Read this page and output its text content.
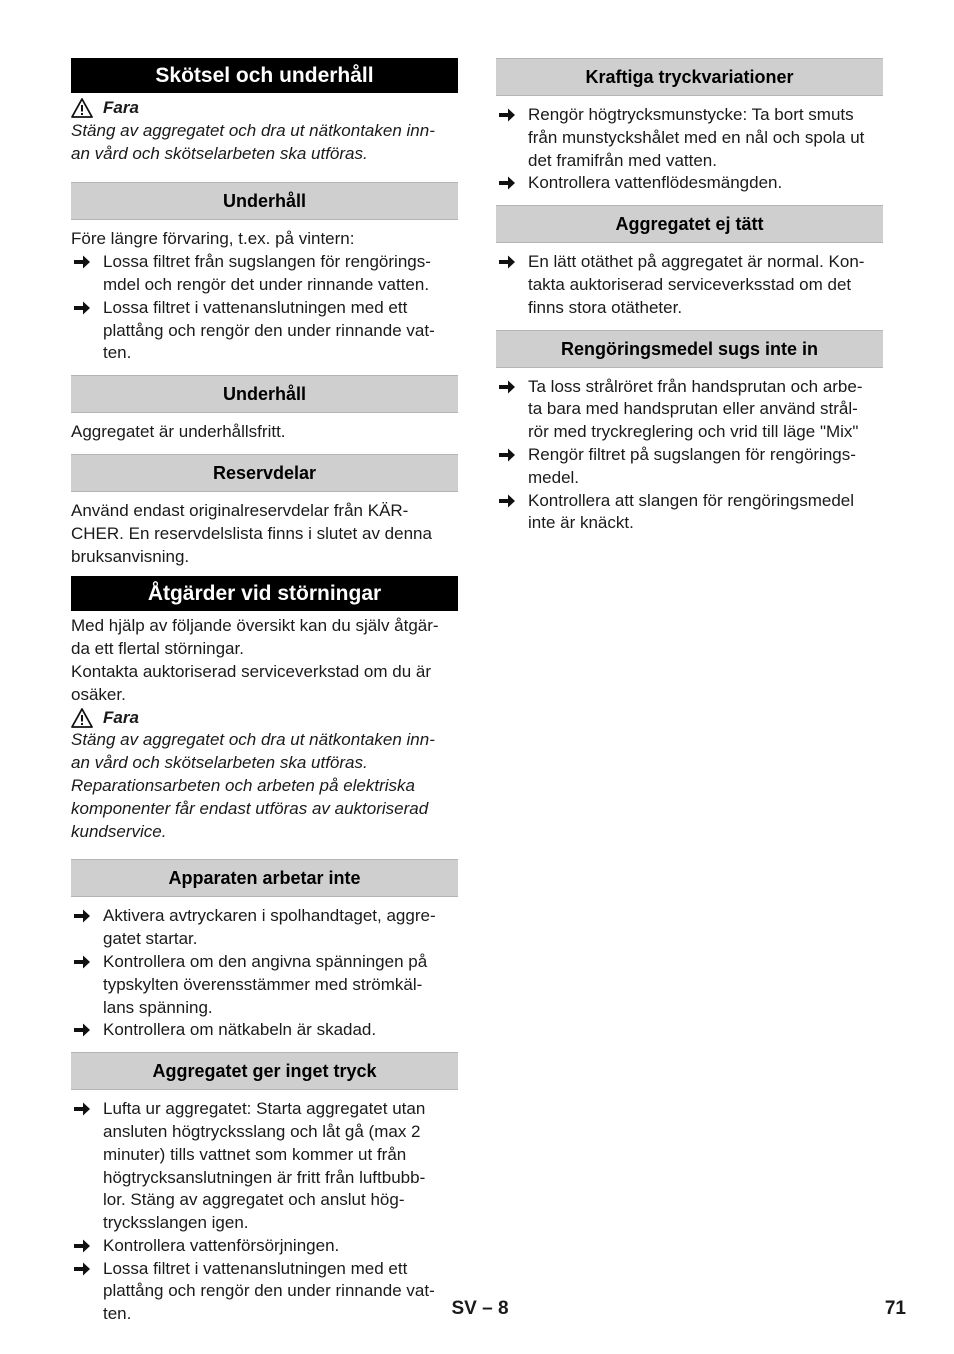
Skötsel och underhåll
Fara

Stäng av aggregatet och dra ut nätkontaken inn-

an vård och skötselarbeten ska utföras.

Underhåll

Före längre förvaring, t.ex. på vintern:

Lossa filtret från sugslangen för rengörings-
mdel och rengör det under rinnande vatten.
Lossa filtret i vattenanslutningen med ett
plattång och rengör den under rinnande vat-
ten.
Underhåll

Aggregatet är underhållsfritt.

Reservdelar

Använd endast originalreservdelar från KÄR-

CHER. En reservdelslista finns i slutet av denna

bruksanvisning.

Åtgärder vid störningar

Med hjälp av följande översikt kan du själv åtgär-

da ett flertal störningar.

Kontakta auktoriserad serviceverkstad om du är

osäker.

Fara

Stäng av aggregatet och dra ut nätkontaken inn-

an vård och skötselarbeten ska utföras.

Reparationsarbeten och arbeten på elektriska

komponenter får endast utföras av auktoriserad

kundservice.

Apparaten arbetar inte
Aktivera avtryckaren i spolhandtaget, aggre-
gatet startar.
Kontrollera om den angivna spänningen på
typskylten överensstämmer med strömkäl-
lans spänning.
Kontrollera om nätkabeln är skadad.
Aggregatet ger inget tryck
Lufta ur aggregatet: Starta aggregatet utan
ansluten högtrycksslang och låt gå (max 2
minuter) tills vattnet som kommer ut från
högtrycksanslutningen är fritt från luftbubb-
lor. Stäng av aggregatet och anslut hög-
trycksslangen igen.
Kontrollera vattenförsörjningen.
Lossa filtret i vattenanslutningen med ett
plattång och rengör den under rinnande vat-
ten.
Kraftiga tryckvariationer
Rengör högtrycksmunstycke: Ta bort smuts
från munstyckshålet med en nål och spola ut
det framifrån med vatten.
Kontrollera vattenflödesmängden.
Aggregatet ej tätt
En lätt otäthet på aggregatet är normal. Kon-
takta auktoriserad serviceverksstad om det
finns stora otätheter.
Rengöringsmedel sugs inte in
Ta loss strålröret från handsprutan och arbe-
ta bara med handsprutan eller använd strål-
rör med tryckreglering och vrid till läge "Mix"
Rengör filtret på sugslangen för rengörings-
medel.
Kontrollera att slangen för rengöringsmedel
inte är knäckt.
SV – 8	71
